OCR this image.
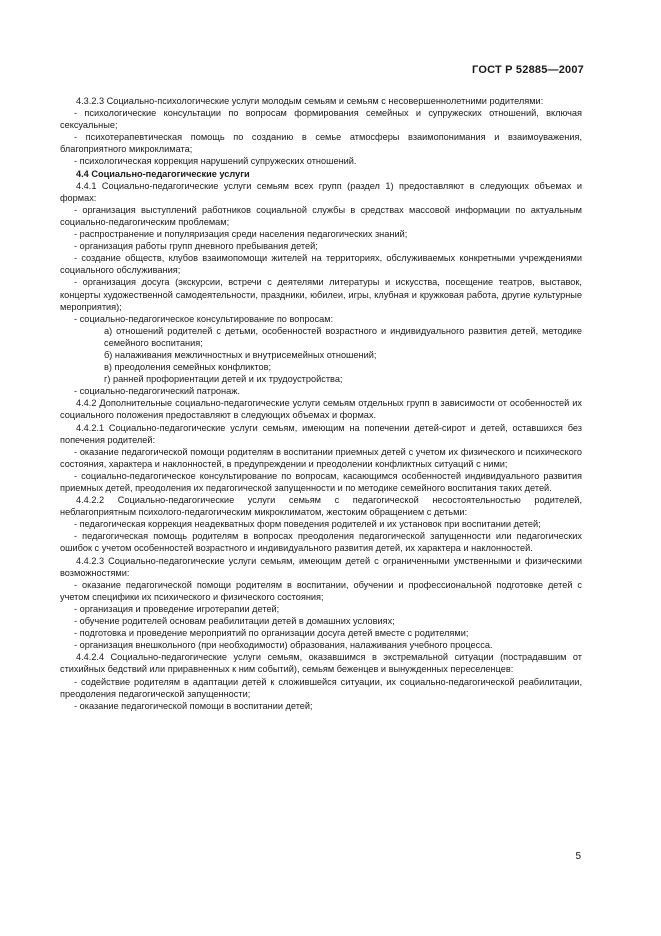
ГОСТ Р 52885—2007

4.3.2.3 Социально-психологические услуги молодым семьям и семьям с несовершеннолетними родителями:

- психологические консультации по вопросам формирования семейных и супружеских отношений, включая сексуальные;

- психотерапевтическая помощь по созданию в семье атмосферы взаимопонимания и взаимоуважения, благоприятного микроклимата;

- психологическая коррекция нарушений супружеских отношений.

4.4 Социально-педагогические услуги

4.4.1 Социально-педагогические услуги семьям всех групп (раздел 1) предоставляют в следующих объемах и формах:

- организация выступлений работников социальной службы в средствах массовой информации по актуальным социально-педагогическим проблемам;

- распространение и популяризация среди населения педагогических знаний;

- организация работы групп дневного пребывания детей;

- создание обществ, клубов взаимопомощи жителей на территориях, обслуживаемых конкретными учреждениями социального обслуживания;

- организация досуга (экскурсии, встречи с деятелями литературы и искусства, посещение театров, выставок, концерты художественной самодеятельности, праздники, юбилеи, игры, клубная и кружковая работа, другие культурные мероприятия);

- социально-педагогическое консультирование по вопросам:

а) отношений родителей с детьми, особенностей возрастного и индивидуального развития детей, методике семейного воспитания;

б) налаживания межличностных и внутрисемейных отношений;

в) преодоления семейных конфликтов;

г) ранней профориентации детей и их трудоустройства;

- социально-педагогический патронаж.

4.4.2 Дополнительные социально-педагогические услуги семьям отдельных групп в зависимости от особенностей их социального положения предоставляют в следующих объемах и формах.

4.4.2.1 Социально-педагогические услуги семьям, имеющим на попечении детей-сирот и детей, оставшихся без попечения родителей:

- оказание педагогической помощи родителям в воспитании приемных детей с учетом их физического и психического состояния, характера и наклонностей, в предупреждении и преодолении конфликтных ситуаций с ними;

- социально-педагогическое консультирование по вопросам, касающимся особенностей индивидуального развития приемных детей, преодоления их педагогической запущенности и по методике семейного воспитания таких детей.

4.4.2.2 Социально-педагогические услуги семьям с педагогической несостоятельностью родителей, неблагоприятным психолого-педагогическим микроклиматом, жестоким обращением с детьми:

- педагогическая коррекция неадекватных форм поведения родителей и их установок при воспитании детей;

- педагогическая помощь родителям в вопросах преодоления педагогической запущенности или педагогических ошибок с учетом особенностей возрастного и индивидуального развития детей, их характера и наклонностей.

4.4.2.3 Социально-педагогические услуги семьям, имеющим детей с ограниченными умственными и физическими возможностями:

- оказание педагогической помощи родителям в воспитании, обучении и профессиональной подготовке детей с учетом специфики их психического и физического состояния;

- организация и проведение игротерапии детей;

- обучение родителей основам реабилитации детей в домашних условиях;

- подготовка и проведение мероприятий по организации досуга детей вместе с родителями;

- организация внешкольного (при необходимости) образования, налаживания учебного процесса.

4.4.2.4 Социально-педагогические услуги семьям, оказавшимся в экстремальной ситуации (пострадавшим от стихийных бедствий или приравненных к ним событий), семьям беженцев и вынужденных переселенцев:

- содействие родителям в адаптации детей к сложившейся ситуации, их социально-педагогической реабилитации, преодоления педагогической запущенности;

- оказание педагогической помощи в воспитании детей;

5
